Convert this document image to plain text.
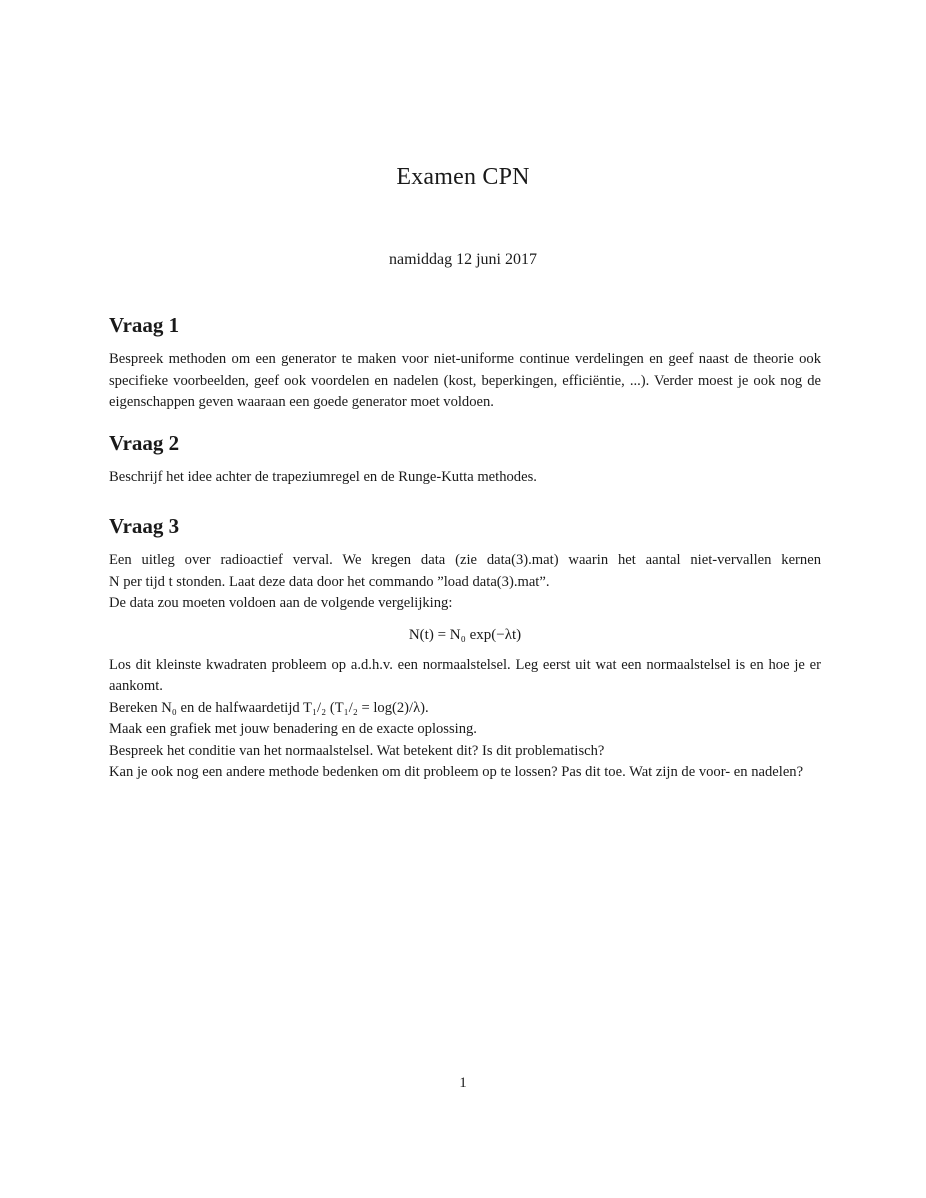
Examen CPN
namiddag 12 juni 2017
Vraag 1

Bespreek methoden om een generator te maken voor niet-uniforme continue verdelingen en geef naast de theorie ook specifieke voorbeelden, geef ook voordelen en nadelen (kost, beperkingen, efficiëntie, ...). Verder moest je ook nog de eigenschappen geven waaraan een goede generator moet voldoen.

Vraag 2

Beschrijf het idee achter de trapeziumregel en de Runge-Kutta methodes.

Vraag 3
Een uitleg over radioactief verval. We kregen data (zie data(3).mat) waarin het aantal niet-vervallen kernen
N per tijd t stonden. Laat deze data door het commando ”load data(3).mat”.
De data zou moeten voldoen aan de volgende vergelijking:
N(t) = N₀ exp(−λt)

Los dit kleinste kwadraten probleem op a.d.h.v. een normaalstelsel. Leg eerst uit wat een normaalstelsel is en hoe je er aankomt.

Bereken N₀ en de halfwaardetijd T₁/₂ (T₁/₂ = log(2)/λ).
Maak een grafiek met jouw benadering en de exacte oplossing.
Bespreek het conditie van het normaalstelsel. Wat betekent dit? Is dit problematisch?

Kan je ook nog een andere methode bedenken om dit probleem op te lossen? Pas dit toe. Wat zijn de voor- en nadelen?

1
